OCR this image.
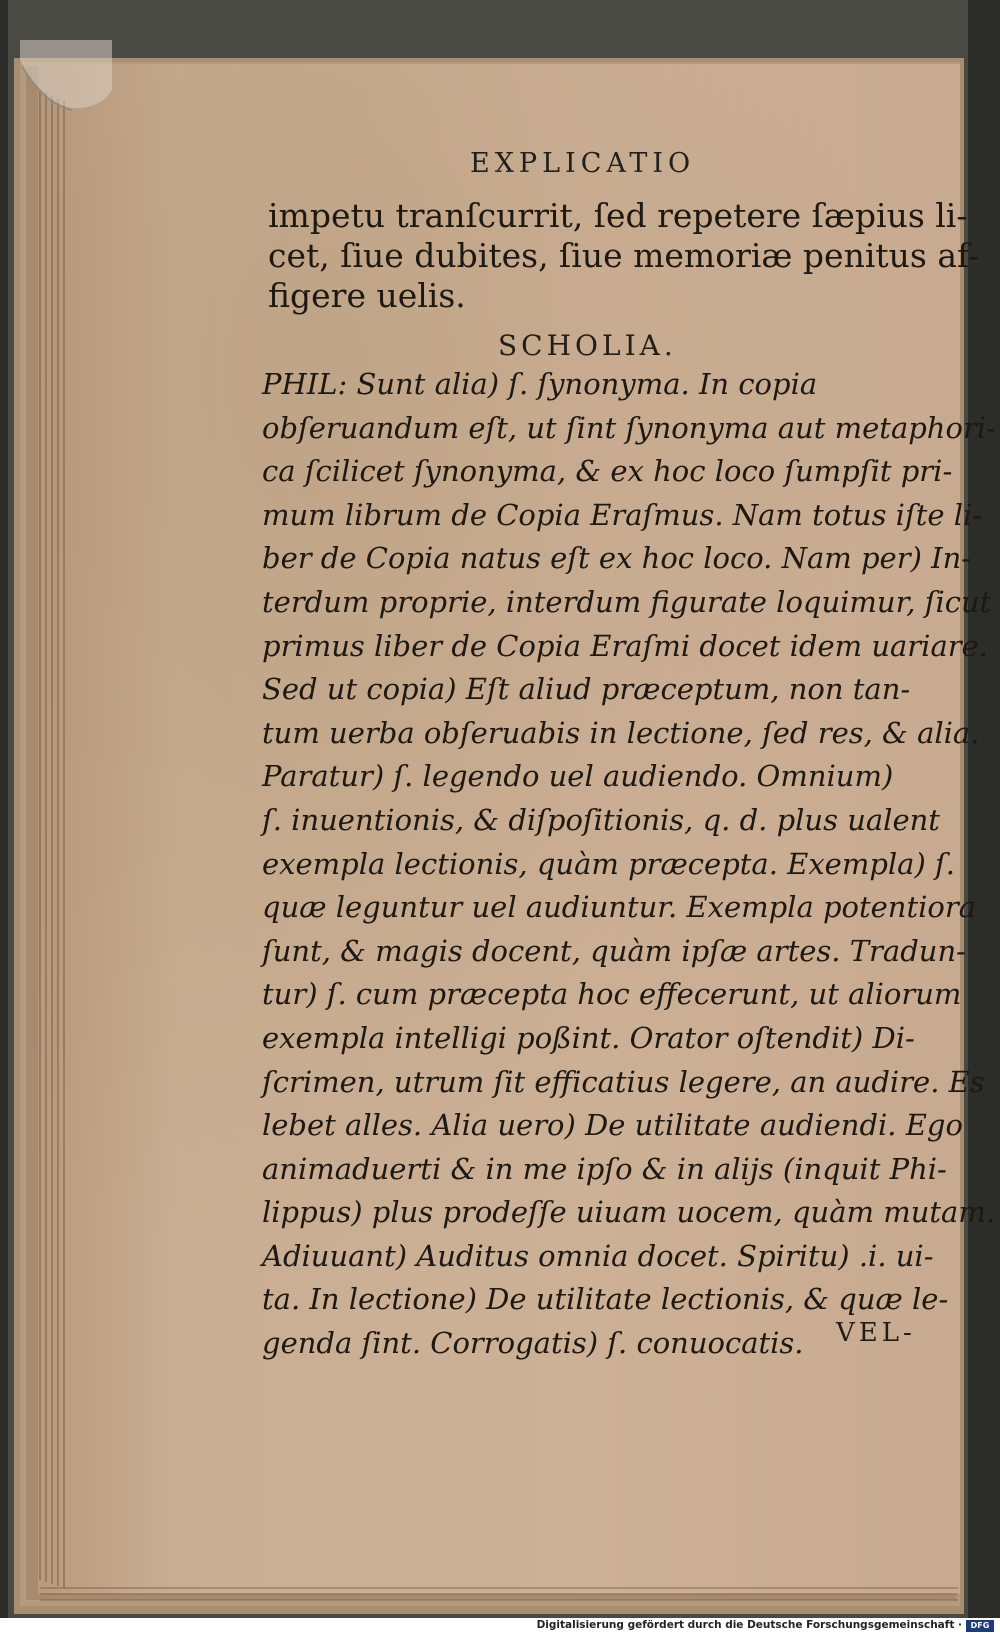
EXPLICATIO
impetu tranſcurrit, ſed repetere ſæpius li-
cet, ſiue dubites, ſiue memoriæ penitus af-
figere uelis.
SCHOLIA.
PHIL: Sunt alia) ſ. ſynonyma. In copia
obſeruandum eſt, ut ſint ſynonyma aut metaphori-
ca ſcilicet ſynonyma, & ex hoc loco ſumpſit pri-
mum librum de Copia Eraſmus. Nam totus iſte li-
ber de Copia natus eſt ex hoc loco. Nam per) In-
terdum proprie, interdum figurate loquimur, ſicut
primus liber de Copia Eraſmi docet idem uariare.
Sed ut copia) Eſt aliud præceptum, non tan-
tum uerba obſeruabis in lectione, ſed res, & alia.
Paratur) ſ. legendo uel audiendo. Omnium)
ſ. inuentionis, & diſpoſitionis, q. d. plus ualent
exempla lectionis, quàm præcepta. Exempla) ſ.
quæ leguntur uel audiuntur. Exempla potentiora
ſunt, & magis docent, quàm ipſæ artes. Tradun-
tur) ſ. cum præcepta hoc effecerunt, ut aliorum
exempla intelligi poßint. Orator oſtendit) Di-
ſcrimen, utrum ſit efficatius legere, an audire. Es
lebet alles. Alia uero) De utilitate audiendi. Ego
animaduerti & in me ipſo & in alijs (inquit Phi-
lippus) plus prodeſſe uiuam uocem, quàm mutam.
Adiuuant) Auditus omnia docet. Spiritu) .i. ui-
ta. In lectione) De utilitate lectionis, & quæ le-
genda ſint. Corrogatis) ſ. conuocatis.	VEL-
Digitalisierung gefördert durch die Deutsche Forschungsgemeinschaft ·	DFG
